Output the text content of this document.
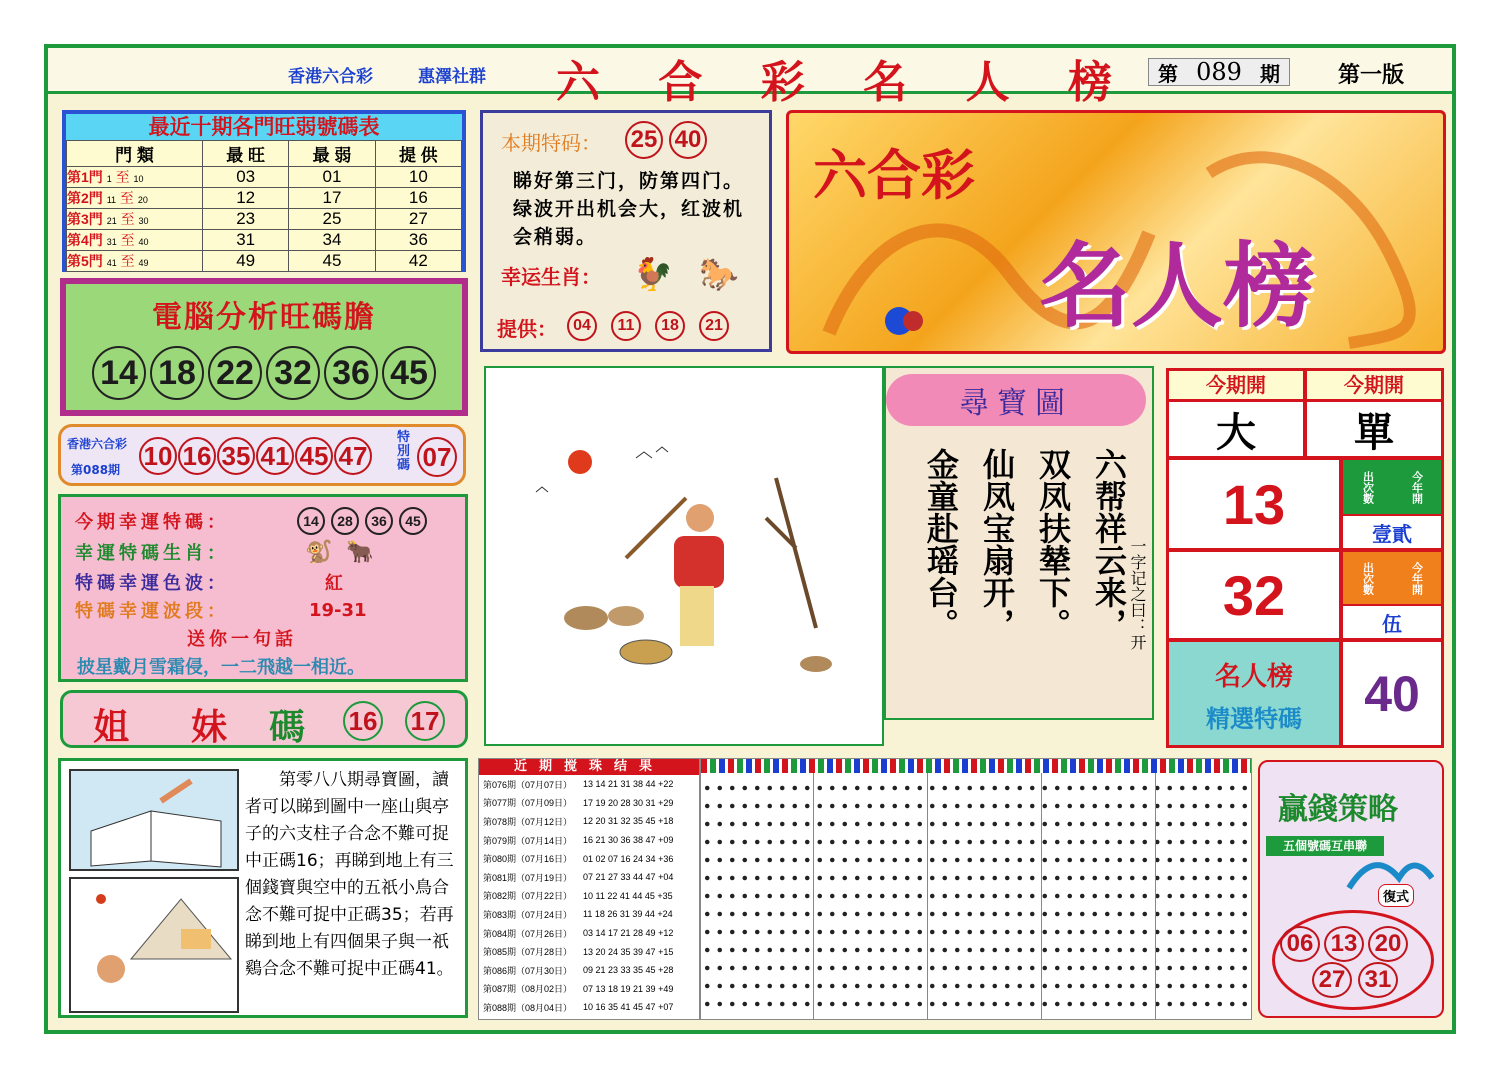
香港六合彩	惠澤社群 六 合 彩 名 人 榜 第 089 期	第一版
最近十期各門旺弱號碼表
門 類	最 旺	最 弱	提 供
第1門 1 至 10	03	01	10
第2門 11 至 20	12	17	16
第3門 21 至 30	23	25	27
第4門 31 至 40	31	34	36
第5門 41 至 49	49	45	42
電腦分析旺碼膽
14 18 22 32 36 45
香港六合彩
第088期 10 16 35 41 45 47
特別碼 07
今期幸運特碼：	14	28	36	45
幸運特碼生肖：	🐒 🐂
特碼幸運色波：	紅
特碼幸運波段：	19-31
送你一句話
披星戴月雪霜侵，一二飛越一相近。
姐 妹 碼 16 17
本期特码： 25 40
睇好第三门，防第四门。绿波开出机会大，红波机会稍弱。
幸运生肖： 🐓 🐎
提供：	04	11	18	21
六合彩
名人榜
尋寶圖
六帮祥云来，
双凤扶辇下。
仙凤宝扇开，
金童赴瑶台。	一字记之曰：开
今期開	今期開
大 單
13	出次數	今年開
壹貳
32	出次數	今年開
伍
名人榜
精選特碼	40
第零八八期尋寶圖，讀者可以睇到圖中一座山與亭子的六支柱子合念不難可捉中正碼16；再睇到地上有三個錢寶與空中的五祇小鳥合念不難可捉中正碼35；若再睇到地上有四個果子與一祇鷄合念不難可捉中正碼41。
近期搅珠结果
第076期（07月07日）	13 14 21 31 38 44 +22
第077期（07月09日）	17 19 20 28 30 31 +29
第078期（07月12日）	12 20 31 32 35 45 +18
第079期（07月14日）	16 21 30 36 38 47 +09
第080期（07月16日）	01 02 07 16 24 34 +36
第081期（07月19日）	07 21 27 33 44 47 +04
第082期（07月22日）	10 11 22 41 44 45 +35
第083期（07月24日）	11 18 26 31 39 44 +24
第084期（07月26日）	03 14 17 21 28 49 +12
第085期（07月28日）	13 20 24 35 39 47 +15
第086期（07月30日）	09 21 23 33 35 45 +28
第087期（08月02日）	07 13 18 19 21 39 +49
第088期（08月04日）	10 16 35 41 45 47 +07
贏錢策略
五個號碼互串聯
復式
06 13 20
27 31
